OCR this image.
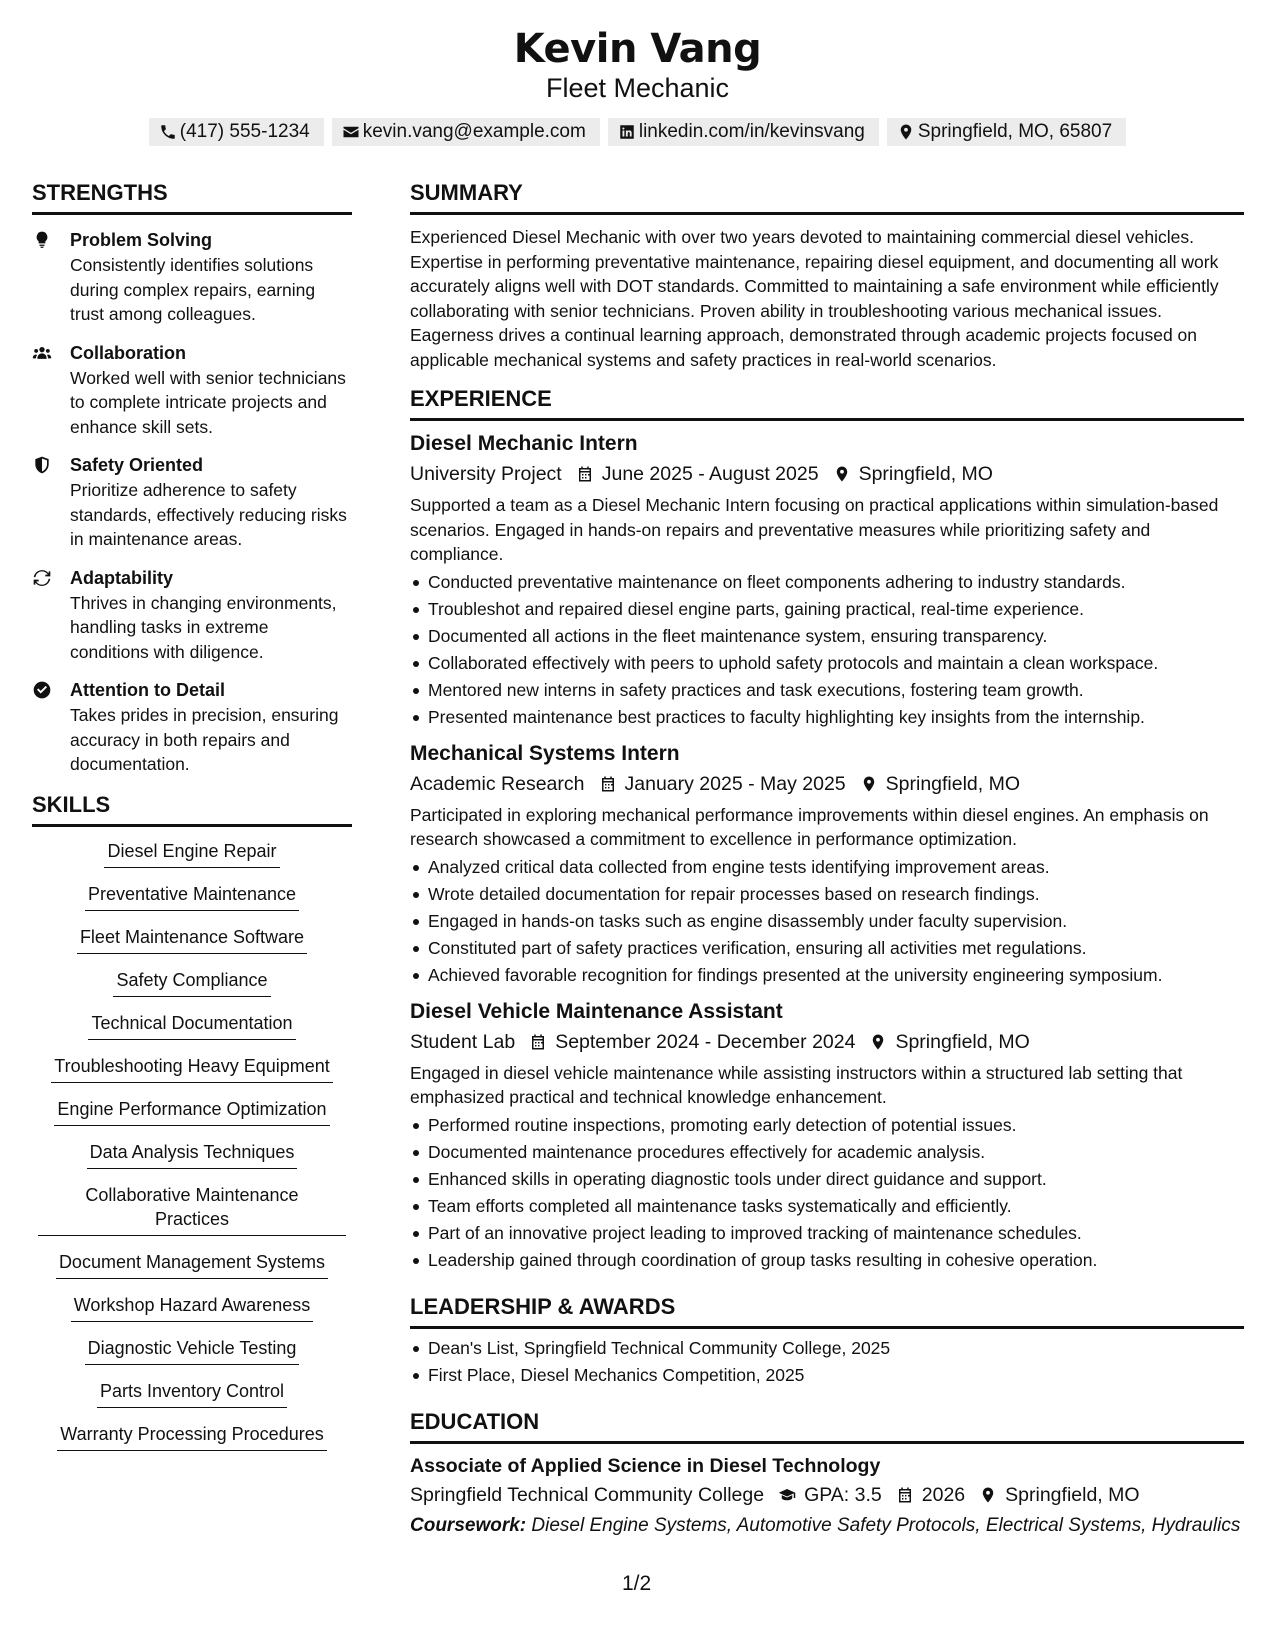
Kevin Vang
Fleet Mechanic
(417) 555-1234	kevin.vang@example.com	linkedin.com/in/kevinsvang	Springfield, MO, 65807
STRENGTHS
Problem Solving
Consistently identifies solutions during complex repairs, earning trust among colleagues.
Collaboration
Worked well with senior technicians to complete intricate projects and enhance skill sets.
Safety Oriented
Prioritize adherence to safety standards, effectively reducing risks in maintenance areas.
Adaptability
Thrives in changing environments, handling tasks in extreme conditions with diligence.
Attention to Detail
Takes prides in precision, ensuring accuracy in both repairs and documentation.
SKILLS
Diesel Engine Repair
Preventative Maintenance
Fleet Maintenance Software
Safety Compliance
Technical Documentation
Troubleshooting Heavy Equipment
Engine Performance Optimization
Data Analysis Techniques
Collaborative Maintenance Practices
Document Management Systems
Workshop Hazard Awareness
Diagnostic Vehicle Testing
Parts Inventory Control
Warranty Processing Procedures
SUMMARY
Experienced Diesel Mechanic with over two years devoted to maintaining commercial diesel vehicles. Expertise in performing preventative maintenance, repairing diesel equipment, and documenting all work accurately aligns well with DOT standards. Committed to maintaining a safe environment while efficiently collaborating with senior technicians. Proven ability in troubleshooting various mechanical issues. Eagerness drives a continual learning approach, demonstrated through academic projects focused on applicable mechanical systems and safety practices in real-world scenarios.
EXPERIENCE
Diesel Mechanic Intern
University Project June 2025 - August 2025 Springfield, MO
Supported a team as a Diesel Mechanic Intern focusing on practical applications within simulation-based scenarios. Engaged in hands-on repairs and preventative measures while prioritizing safety and compliance.
Conducted preventative maintenance on fleet components adhering to industry standards.
Troubleshot and repaired diesel engine parts, gaining practical, real-time experience.
Documented all actions in the fleet maintenance system, ensuring transparency.
Collaborated effectively with peers to uphold safety protocols and maintain a clean workspace.
Mentored new interns in safety practices and task executions, fostering team growth.
Presented maintenance best practices to faculty highlighting key insights from the internship.
Mechanical Systems Intern
Academic Research January 2025 - May 2025 Springfield, MO
Participated in exploring mechanical performance improvements within diesel engines. An emphasis on research showcased a commitment to excellence in performance optimization.
Analyzed critical data collected from engine tests identifying improvement areas.
Wrote detailed documentation for repair processes based on research findings.
Engaged in hands-on tasks such as engine disassembly under faculty supervision.
Constituted part of safety practices verification, ensuring all activities met regulations.
Achieved favorable recognition for findings presented at the university engineering symposium.
Diesel Vehicle Maintenance Assistant
Student Lab September 2024 - December 2024 Springfield, MO
Engaged in diesel vehicle maintenance while assisting instructors within a structured lab setting that emphasized practical and technical knowledge enhancement.
Performed routine inspections, promoting early detection of potential issues.
Documented maintenance procedures effectively for academic analysis.
Enhanced skills in operating diagnostic tools under direct guidance and support.
Team efforts completed all maintenance tasks systematically and efficiently.
Part of an innovative project leading to improved tracking of maintenance schedules.
Leadership gained through coordination of group tasks resulting in cohesive operation.
LEADERSHIP & AWARDS
Dean's List, Springfield Technical Community College, 2025
First Place, Diesel Mechanics Competition, 2025
EDUCATION
Associate of Applied Science in Diesel Technology
Springfield Technical Community College GPA: 3.5 2026 Springfield, MO
Coursework: Diesel Engine Systems, Automotive Safety Protocols, Electrical Systems, Hydraulics
1/2
